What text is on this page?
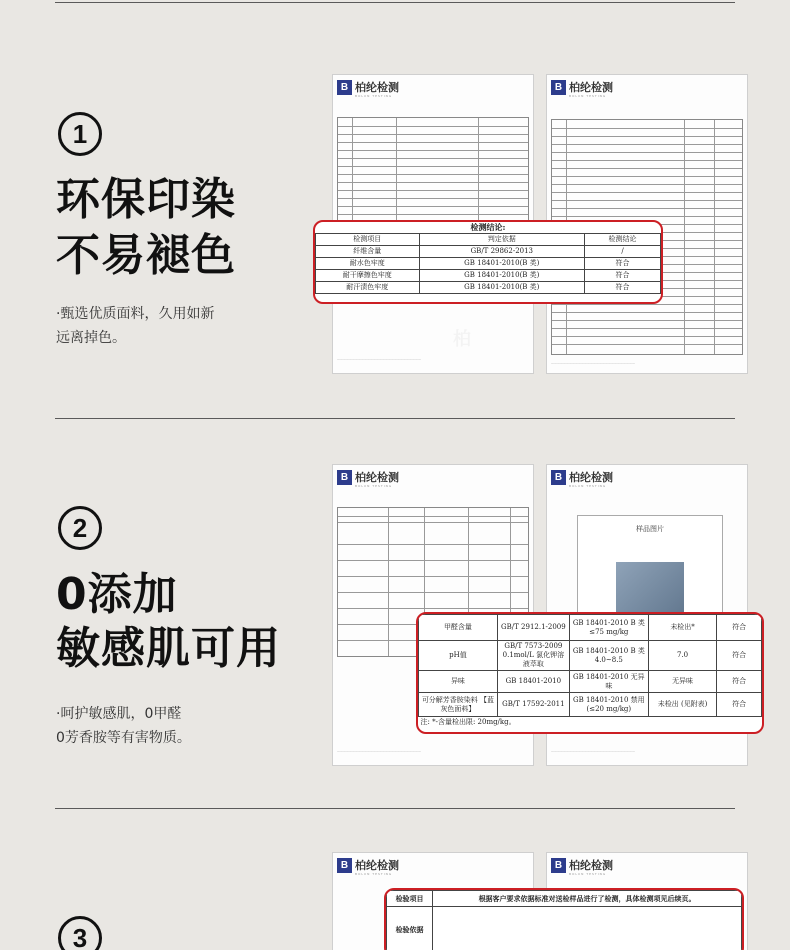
1
环保印染
不易褪色
·甄选优质面料，久用如新
远离掉色。
B 柏纶检测
BOLUN TESTING
————————————————————————————
B 柏纶检测
BOLUN TESTING
————————————————————————————
检测结论:		
检测项目	判定依据	检测结论
纤维含量	GB/T 29862-2013	/
耐水色牢度	GB 18401-2010(B 类)	符合
耐干摩擦色牢度	GB 18401-2010(B 类)	符合
耐汗渍色牢度	GB 18401-2010(B 类)	符合
2
0添加
敏感肌可用
·呵护敏感肌，0甲醛
0芳香胺等有害物质。
B 柏纶检测
BOLUN TESTING
————————————————————————————
B 柏纶检测
BOLUN TESTING
样品图片
————————————————————————————
甲醛含量	GB/T 2912.1-2009	GB 18401-2010 B 类 ≤75 mg/kg	未检出*	符合
pH值	GB/T 7573-2009 0.1mol/L 氯化钾溶液萃取	GB 18401-2010 B 类 4.0~8.5	7.0	符合
异味	GB 18401-2010	GB 18401-2010 无异味	无异味	符合
可分解芳香胺染料 【蓝灰色面料】	GB/T 17592-2011	GB 18401-2010 禁用 (≤20 mg/kg)	未检出 (见附表)	符合
注: *-含量检出限: 20mg/kg。				
3
B 柏纶检测
BOLUN TESTING
B 柏纶检测
BOLUN TESTING
检验项目	根据客户要求依据标准对送检样品进行了检测，具体检测项见后续页。
检验依据	
